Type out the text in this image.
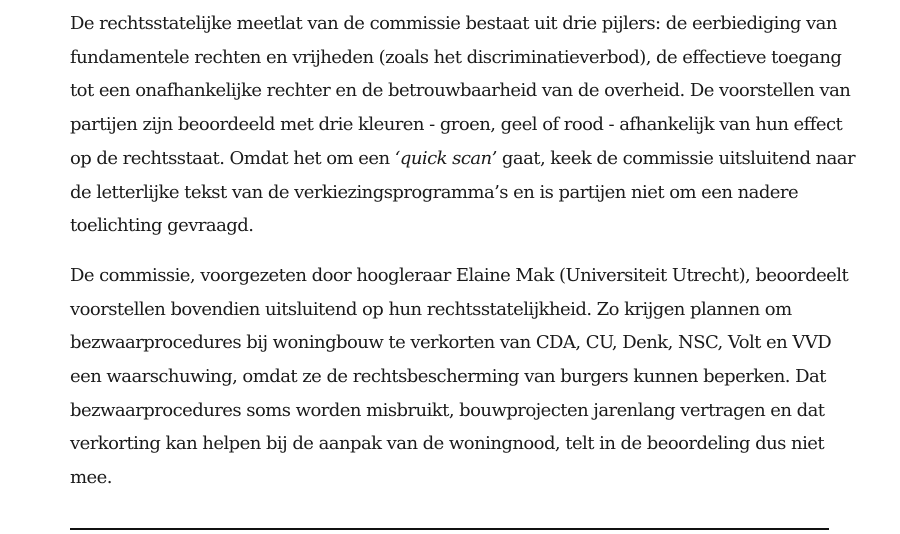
De rechtsstatelijke meetlat van de commissie bestaat uit drie pijlers: de eerbiediging van
fundamentele rechten en vrijheden (zoals het discriminatieverbod), de effectieve toegang
tot een onafhankelijke rechter en de betrouwbaarheid van de overheid. De voorstellen van
partijen zijn beoordeeld met drie kleuren - groen, geel of rood - afhankelijk van hun effect
op de rechtsstaat. Omdat het om een ‘quick scan’ gaat, keek de commissie uitsluitend naar
de letterlijke tekst van de verkiezingsprogramma’s en is partijen niet om een nadere
toelichting gevraagd.

De commissie, voorgezeten door hoogleraar Elaine Mak (Universiteit Utrecht), beoordeelt
voorstellen bovendien uitsluitend op hun rechtsstatelijkheid. Zo krijgen plannen om
bezwaarprocedures bij woningbouw te verkorten van CDA, CU, Denk, NSC, Volt en VVD
een waarschuwing, omdat ze de rechtsbescherming van burgers kunnen beperken. Dat
bezwaarprocedures soms worden misbruikt, bouwprojecten jarenlang vertragen en dat
verkorting kan helpen bij de aanpak van de woningnood, telt in de beoordeling dus niet
mee.
